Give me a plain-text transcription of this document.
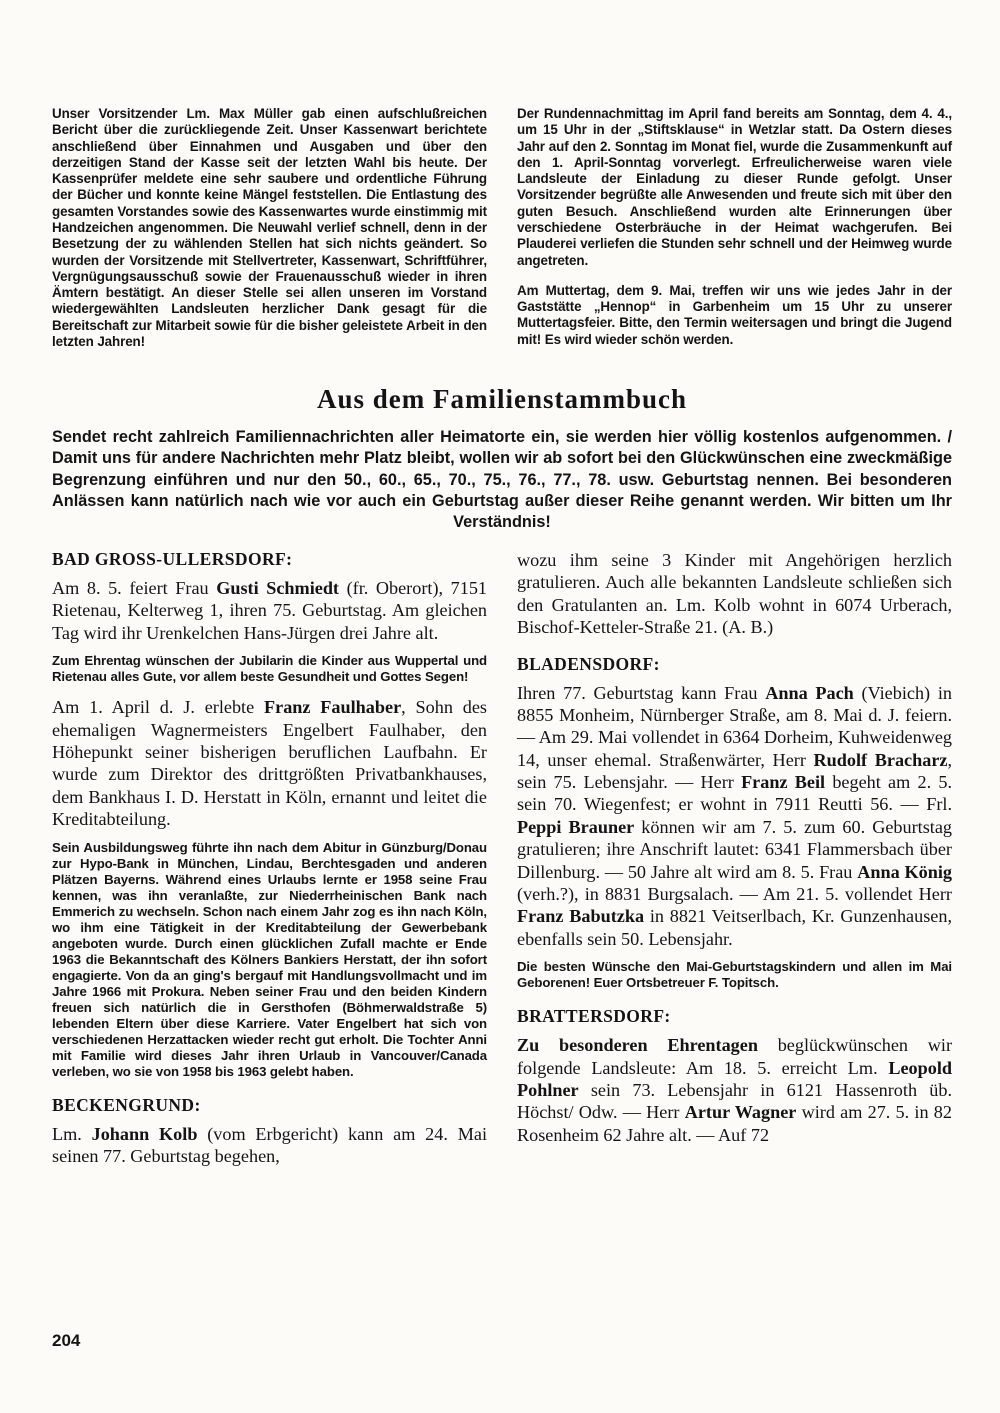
Unser Vorsitzender Lm. Max Müller gab einen aufschlußreichen Bericht über die zurückliegende Zeit. Unser Kassenwart berichtete anschließend über Einnahmen und Ausgaben und über den derzeitigen Stand der Kasse seit der letzten Wahl bis heute. Der Kassenprüfer meldete eine sehr saubere und ordentliche Führung der Bücher und konnte keine Mängel feststellen. Die Entlastung des gesamten Vorstandes sowie des Kassenwartes wurde einstimmig mit Handzeichen angenommen. Die Neuwahl verlief schnell, denn in der Besetzung der zu wählenden Stellen hat sich nichts geändert. So wurden der Vorsitzende mit Stellvertreter, Kassenwart, Schriftführer, Vergnügungsausschuß sowie der Frauenausschuß wieder in ihren Ämtern bestätigt. An dieser Stelle sei allen unseren im Vorstand wiedergewählten Landsleuten herzlicher Dank gesagt für die Bereitschaft zur Mitarbeit sowie für die bisher geleistete Arbeit in den letzten Jahren!

Der Rundennachmittag im April fand bereits am Sonntag, dem 4. 4., um 15 Uhr in der „Stiftsklause“ in Wetzlar statt. Da Ostern dieses Jahr auf den 2. Sonntag im Monat fiel, wurde die Zusammenkunft auf den 1. April-Sonntag vorverlegt. Erfreulicherweise waren viele Landsleute der Einladung zu dieser Runde gefolgt. Unser Vorsitzender begrüßte alle Anwesenden und freute sich mit über den guten Besuch. Anschließend wurden alte Erinnerungen über verschiedene Osterbräuche in der Heimat wachgerufen. Bei Plauderei verliefen die Stunden sehr schnell und der Heimweg wurde angetreten.

Am Muttertag, dem 9. Mai, treffen wir uns wie jedes Jahr in der Gaststätte „Hennop“ in Garbenheim um 15 Uhr zu unserer Muttertagsfeier. Bitte, den Termin weitersagen und bringt die Jugend mit! Es wird wieder schön werden.

Aus dem Familienstammbuch

Sendet recht zahlreich Familiennachrichten aller Heimatorte ein, sie werden hier völlig kostenlos aufgenommen. / Damit uns für andere Nachrichten mehr Platz bleibt, wollen wir ab sofort bei den Glückwünschen eine zweckmäßige Begrenzung einführen und nur den 50., 60., 65., 70., 75., 76., 77., 78. usw. Geburtstag nennen. Bei besonderen Anlässen kann natürlich nach wie vor auch ein Geburtstag außer dieser Reihe genannt werden. Wir bitten um Ihr Verständnis!

BAD GROSS-ULLERSDORF:

Am 8. 5. feiert Frau Gusti Schmiedt (fr. Oberort), 7151 Rietenau, Kelterweg 1, ihren 75. Geburtstag. Am gleichen Tag wird ihr Urenkelchen Hans-Jürgen drei Jahre alt.

Zum Ehrentag wünschen der Jubilarin die Kinder aus Wuppertal und Rietenau alles Gute, vor allem beste Gesundheit und Gottes Segen!

Am 1. April d. J. erlebte Franz Faulhaber, Sohn des ehemaligen Wagnermeisters Engelbert Faulhaber, den Höhepunkt seiner bisherigen beruflichen Laufbahn. Er wurde zum Direktor des drittgrößten Privatbankhauses, dem Bankhaus I. D. Herstatt in Köln, ernannt und leitet die Kreditabteilung.

Sein Ausbildungsweg führte ihn nach dem Abitur in Günzburg/Donau zur Hypo-Bank in München, Lindau, Berchtesgaden und anderen Plätzen Bayerns. Während eines Urlaubs lernte er 1958 seine Frau kennen, was ihn veranlaßte, zur Niederrheinischen Bank nach Emmerich zu wechseln. Schon nach einem Jahr zog es ihn nach Köln, wo ihm eine Tätigkeit in der Kreditabteilung der Gewerbebank angeboten wurde. Durch einen glücklichen Zufall machte er Ende 1963 die Bekanntschaft des Kölners Bankiers Herstatt, der ihn sofort engagierte. Von da an ging's bergauf mit Handlungsvollmacht und im Jahre 1966 mit Prokura. Neben seiner Frau und den beiden Kindern freuen sich natürlich die in Gersthofen (Böhmerwaldstraße 5) lebenden Eltern über diese Karriere. Vater Engelbert hat sich von verschiedenen Herzattacken wieder recht gut erholt. Die Tochter Anni mit Familie wird dieses Jahr ihren Urlaub in Vancouver/Canada verleben, wo sie von 1958 bis 1963 gelebt haben.

BECKENGRUND:

Lm. Johann Kolb (vom Erbgericht) kann am 24. Mai seinen 77. Geburtstag begehen,

wozu ihm seine 3 Kinder mit Angehörigen herzlich gratulieren. Auch alle bekannten Landsleute schließen sich den Gratulanten an. Lm. Kolb wohnt in 6074 Urberach, Bischof-Ketteler-Straße 21. (A. B.)

BLADENSDORF:

Ihren 77. Geburtstag kann Frau Anna Pach (Viebich) in 8855 Monheim, Nürnberger Straße, am 8. Mai d. J. feiern. — Am 29. Mai vollendet in 6364 Dorheim, Kuhweidenweg 14, unser ehemal. Straßenwärter, Herr Rudolf Bracharz, sein 75. Lebensjahr. — Herr Franz Beil begeht am 2. 5. sein 70. Wiegenfest; er wohnt in 7911 Reutti 56. — Frl. Peppi Brauner können wir am 7. 5. zum 60. Geburtstag gratulieren; ihre Anschrift lautet: 6341 Flammersbach über Dillenburg. — 50 Jahre alt wird am 8. 5. Frau Anna König (verh.?), in 8831 Burgsalach. — Am 21. 5. vollendet Herr Franz Babutzka in 8821 Veitserlbach, Kr. Gunzenhausen, ebenfalls sein 50. Lebensjahr.

Die besten Wünsche den Mai-Geburtstagskindern und allen im Mai Geborenen! Euer Ortsbetreuer F. Topitsch.

BRATTERSDORF:

Zu besonderen Ehrentagen beglückwünschen wir folgende Landsleute: Am 18. 5. erreicht Lm. Leopold Pohlner sein 73. Lebensjahr in 6121 Hassenroth üb. Höchst/ Odw. — Herr Artur Wagner wird am 27. 5. in 82 Rosenheim 62 Jahre alt. — Auf 72

204
